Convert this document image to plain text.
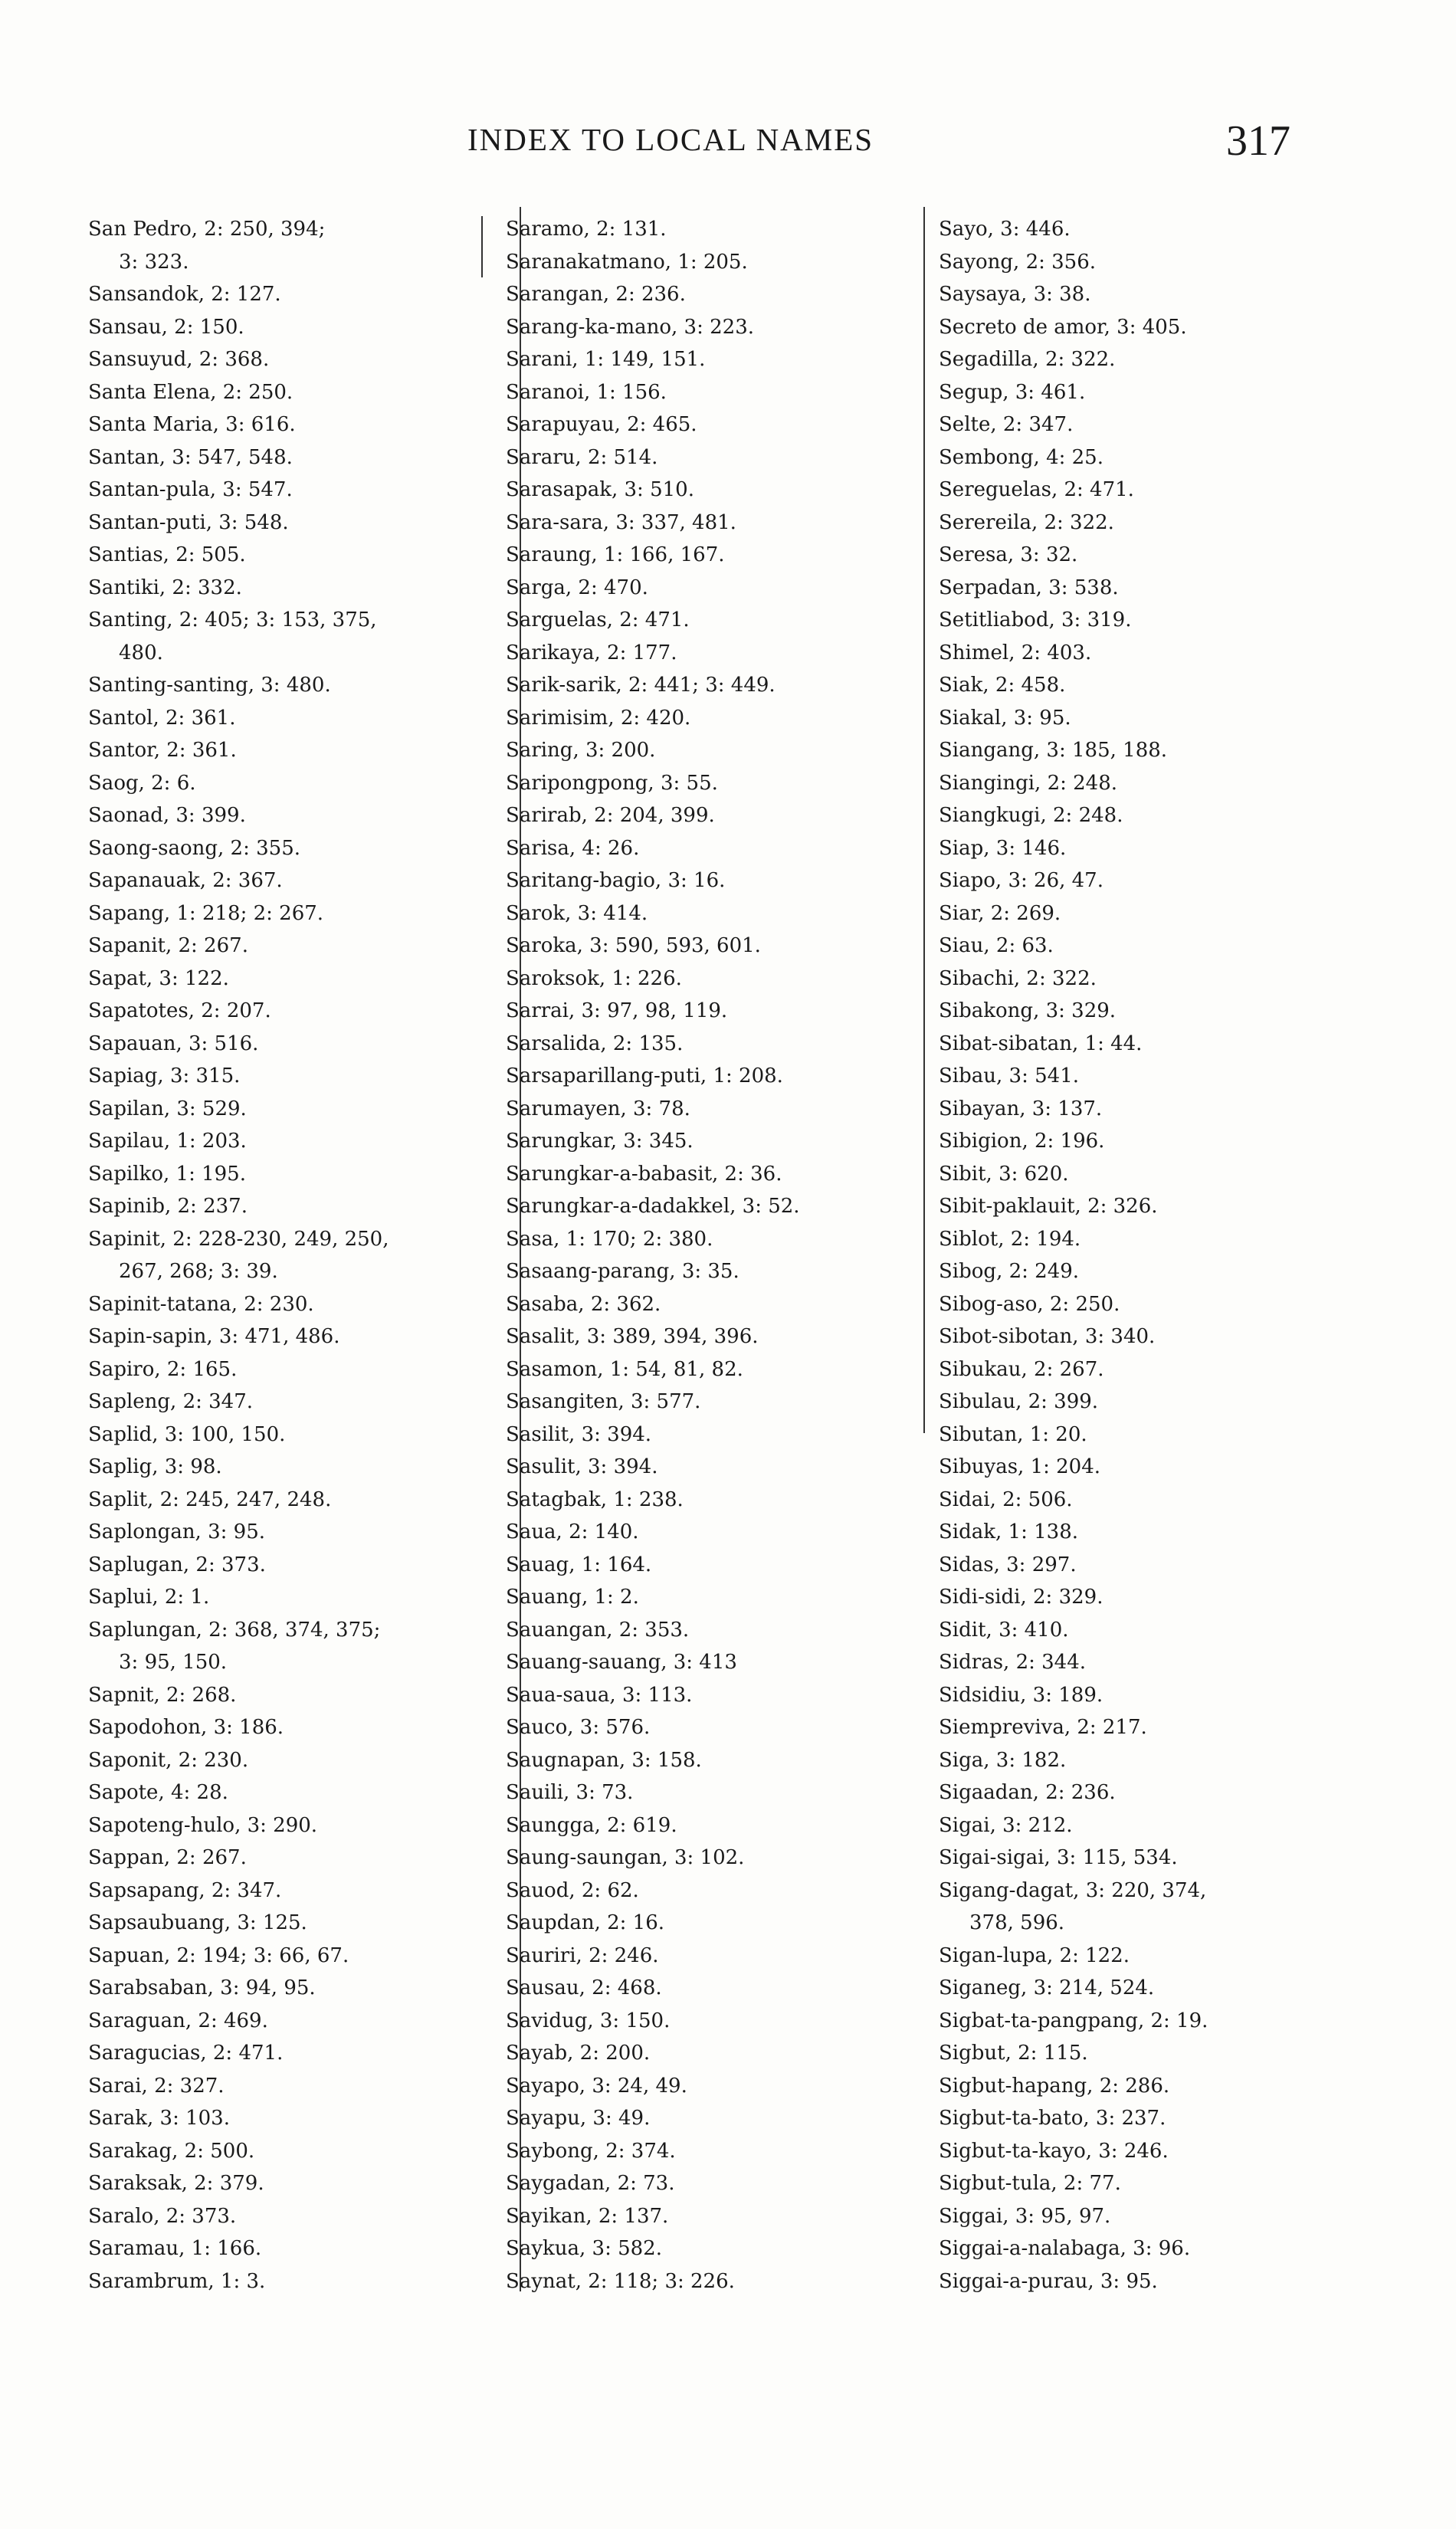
INDEX TO LOCAL NAMES	317
San Pedro, 2: 250, 394;
3: 323.
Sansandok, 2: 127.
Sansau, 2: 150.
Sansuyud, 2: 368.
Santa Elena, 2: 250.
Santa Maria, 3: 616.
Santan, 3: 547, 548.
Santan-pula, 3: 547.
Santan-puti, 3: 548.
Santias, 2: 505.
Santiki, 2: 332.
Santing, 2: 405; 3: 153, 375,
480.
Santing-santing, 3: 480.
Santol, 2: 361.
Santor, 2: 361.
Saog, 2: 6.
Saonad, 3: 399.
Saong-saong, 2: 355.
Sapanauak, 2: 367.
Sapang, 1: 218; 2: 267.
Sapanit, 2: 267.
Sapat, 3: 122.
Sapatotes, 2: 207.
Sapauan, 3: 516.
Sapiag, 3: 315.
Sapilan, 3: 529.
Sapilau, 1: 203.
Sapilko, 1: 195.
Sapinib, 2: 237.
Sapinit, 2: 228-230, 249, 250,
267, 268; 3: 39.
Sapinit-tatana, 2: 230.
Sapin-sapin, 3: 471, 486.
Sapiro, 2: 165.
Sapleng, 2: 347.
Saplid, 3: 100, 150.
Saplig, 3: 98.
Saplit, 2: 245, 247, 248.
Saplongan, 3: 95.
Saplugan, 2: 373.
Saplui, 2: 1.
Saplungan, 2: 368, 374, 375;
3: 95, 150.
Sapnit, 2: 268.
Sapodohon, 3: 186.
Saponit, 2: 230.
Sapote, 4: 28.
Sapoteng-hulo, 3: 290.
Sappan, 2: 267.
Sapsapang, 2: 347.
Sapsaubuang, 3: 125.
Sapuan, 2: 194; 3: 66, 67.
Sarabsaban, 3: 94, 95.
Saraguan, 2: 469.
Saragucias, 2: 471.
Sarai, 2: 327.
Sarak, 3: 103.
Sarakag, 2: 500.
Saraksak, 2: 379.
Saralo, 2: 373.
Saramau, 1: 166.
Sarambrum, 1: 3.
Saramo, 2: 131.
Saranakatmano, 1: 205.
Sarangan, 2: 236.
Sarang-ka-mano, 3: 223.
Sarani, 1: 149, 151.
Saranoi, 1: 156.
Sarapuyau, 2: 465.
Sararu, 2: 514.
Sarasapak, 3: 510.
Sara-sara, 3: 337, 481.
Saraung, 1: 166, 167.
Sarga, 2: 470.
Sarguelas, 2: 471.
Sarikaya, 2: 177.
Sarik-sarik, 2: 441; 3: 449.
Sarimisim, 2: 420.
Saring, 3: 200.
Saripongpong, 3: 55.
Sarirab, 2: 204, 399.
Sarisa, 4: 26.
Saritang-bagio, 3: 16.
Sarok, 3: 414.
Saroka, 3: 590, 593, 601.
Saroksok, 1: 226.
Sarrai, 3: 97, 98, 119.
Sarsalida, 2: 135.
Sarsaparillang-puti, 1: 208.
Sarumayen, 3: 78.
Sarungkar, 3: 345.
Sarungkar-a-babasit, 2: 36.
Sarungkar-a-dadakkel, 3: 52.
Sasa, 1: 170; 2: 380.
Sasaang-parang, 3: 35.
Sasaba, 2: 362.
Sasalit, 3: 389, 394, 396.
Sasamon, 1: 54, 81, 82.
Sasangiten, 3: 577.
Sasilit, 3: 394.
Sasulit, 3: 394.
Satagbak, 1: 238.
Saua, 2: 140.
Sauag, 1: 164.
Sauang, 1: 2.
Sauangan, 2: 353.
Sauang-sauang, 3: 413
Saua-saua, 3: 113.
Sauco, 3: 576.
Saugnapan, 3: 158.
Sauili, 3: 73.
Saungga, 2: 619.
Saung-saungan, 3: 102.
Sauod, 2: 62.
Saupdan, 2: 16.
Sauriri, 2: 246.
Sausau, 2: 468.
Savidug, 3: 150.
Sayab, 2: 200.
Sayapo, 3: 24, 49.
Sayapu, 3: 49.
Saybong, 2: 374.
Saygadan, 2: 73.
Sayikan, 2: 137.
Saykua, 3: 582.
Saynat, 2: 118; 3: 226.
Sayo, 3: 446.
Sayong, 2: 356.
Saysaya, 3: 38.
Secreto de amor, 3: 405.
Segadilla, 2: 322.
Segup, 3: 461.
Selte, 2: 347.
Sembong, 4: 25.
Sereguelas, 2: 471.
Serereila, 2: 322.
Seresa, 3: 32.
Serpadan, 3: 538.
Setitliabod, 3: 319.
Shimel, 2: 403.
Siak, 2: 458.
Siakal, 3: 95.
Siangang, 3: 185, 188.
Siangingi, 2: 248.
Siangkugi, 2: 248.
Siap, 3: 146.
Siapo, 3: 26, 47.
Siar, 2: 269.
Siau, 2: 63.
Sibachi, 2: 322.
Sibakong, 3: 329.
Sibat-sibatan, 1: 44.
Sibau, 3: 541.
Sibayan, 3: 137.
Sibigion, 2: 196.
Sibit, 3: 620.
Sibit-paklauit, 2: 326.
Siblot, 2: 194.
Sibog, 2: 249.
Sibog-aso, 2: 250.
Sibot-sibotan, 3: 340.
Sibukau, 2: 267.
Sibulau, 2: 399.
Sibutan, 1: 20.
Sibuyas, 1: 204.
Sidai, 2: 506.
Sidak, 1: 138.
Sidas, 3: 297.
Sidi-sidi, 2: 329.
Sidit, 3: 410.
Sidras, 2: 344.
Sidsidiu, 3: 189.
Siempreviva, 2: 217.
Siga, 3: 182.
Sigaadan, 2: 236.
Sigai, 3: 212.
Sigai-sigai, 3: 115, 534.
Sigang-dagat, 3: 220, 374,
378, 596.
Sigan-lupa, 2: 122.
Siganeg, 3: 214, 524.
Sigbat-ta-pangpang, 2: 19.
Sigbut, 2: 115.
Sigbut-hapang, 2: 286.
Sigbut-ta-bato, 3: 237.
Sigbut-ta-kayo, 3: 246.
Sigbut-tula, 2: 77.
Siggai, 3: 95, 97.
Siggai-a-nalabaga, 3: 96.
Siggai-a-purau, 3: 95.
